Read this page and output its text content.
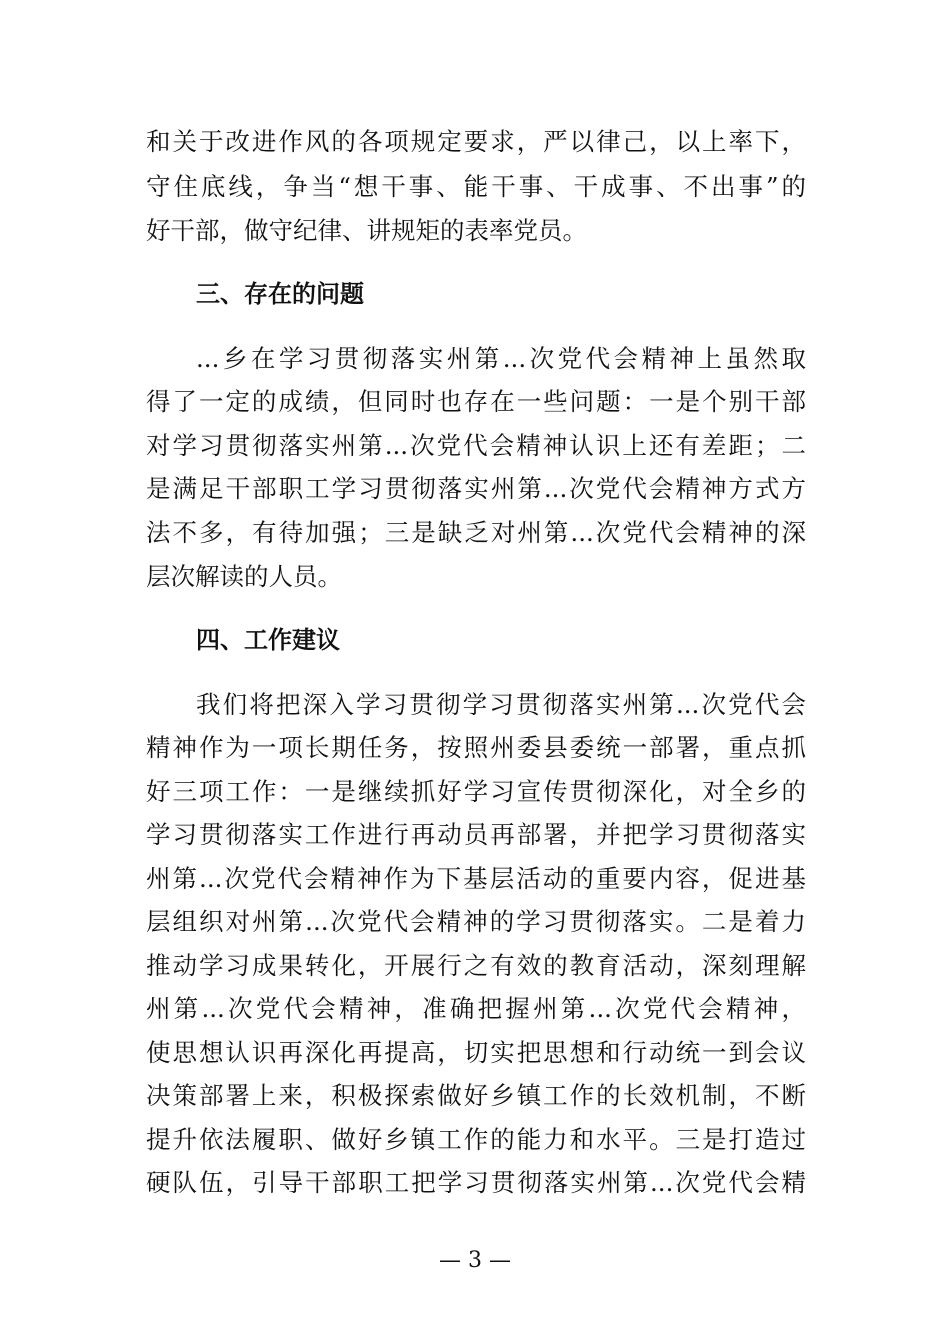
和关于改进作风的各项规定要求，严以律己，以上率下，
守住底线，争当“想干事、能干事、干成事、不出事”的
好干部，做守纪律、讲规矩的表率党员。
三、存在的问题
...乡在学习贯彻落实州第...次党代会精神上虽然取
得了一定的成绩，但同时也存在一些问题：一是个别干部
对学习贯彻落实州第...次党代会精神认识上还有差距；二
是满足干部职工学习贯彻落实州第...次党代会精神方式方
法不多，有待加强；三是缺乏对州第...次党代会精神的深
层次解读的人员。
四、工作建议
我们将把深入学习贯彻学习贯彻落实州第...次党代会
精神作为一项长期任务，按照州委县委统一部署，重点抓
好三项工作：一是继续抓好学习宣传贯彻深化，对全乡的
学习贯彻落实工作进行再动员再部署，并把学习贯彻落实
州第...次党代会精神作为下基层活动的重要内容，促进基
层组织对州第...次党代会精神的学习贯彻落实。二是着力
推动学习成果转化，开展行之有效的教育活动，深刻理解
州第...次党代会精神，准确把握州第...次党代会精神，
使思想认识再深化再提高，切实把思想和行动统一到会议
决策部署上来，积极探索做好乡镇工作的长效机制，不断
提升依法履职、做好乡镇工作的能力和水平。三是打造过
硬队伍，引导干部职工把学习贯彻落实州第...次党代会精
— 3 —
